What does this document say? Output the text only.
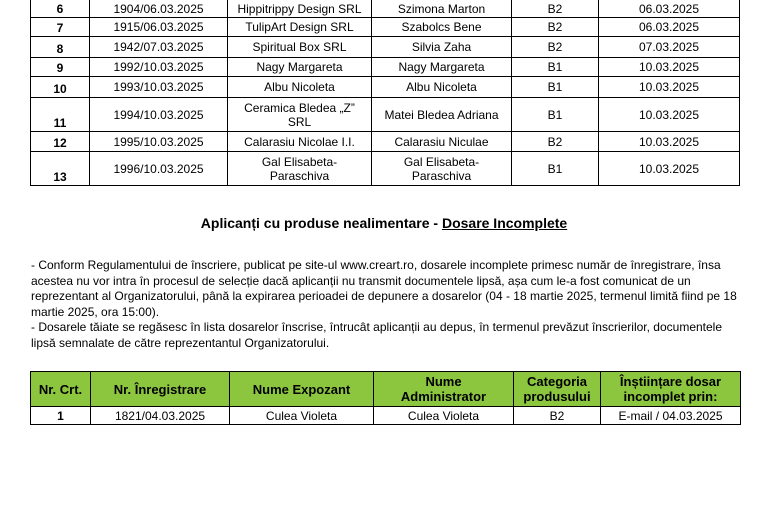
6	1904/06.03.2025	Hippitrippy Design SRL	Szimona Marton	B2	06.03.2025
7	1915/06.03.2025	TulipArt Design SRL	Szabolcs Bene	B2	06.03.2025
8	1942/07.03.2025	Spiritual Box SRL	Silvia Zaha	B2	07.03.2025
9	1992/10.03.2025	Nagy Margareta	Nagy Margareta	B1	10.03.2025
10	1993/10.03.2025	Albu Nicoleta	Albu Nicoleta	B1	10.03.2025
11	1994/10.03.2025	Ceramica Bledea „Z”
SRL	Matei Bledea Adriana	B1	10.03.2025
12	1995/10.03.2025	Calarasiu Nicolae I.I.	Calarasiu Niculae	B2	10.03.2025
13	1996/10.03.2025	Gal Elisabeta-
Paraschiva	Gal Elisabeta-
Paraschiva	B1	10.03.2025
Aplicanți cu produse nealimentare - Dosare Incomplete

- Conform Regulamentului de înscriere, publicat pe site-ul www.creart.ro, dosarele incomplete primesc număr de înregistrare, însa acestea nu vor intra în procesul de selecție dacă aplicanții nu transmit documentele lipsă, așa cum le-a fost comunicat de un reprezentant al Organizatorului, până la expirarea perioadei de depunere a dosarelor (04 - 18 martie 2025, termenul limită fiind pe 18 martie 2025, ora 15:00).

- Dosarele tăiate se regăsesc în lista dosarelor înscrise, întrucât aplicanții au depus, în termenul prevăzut înscrierilor, documentele lipsă semnalate de către reprezentantul Organizatorului.

Nr. Crt.	Nr. Înregistrare	Nume Expozant	Nume
Administrator	Categoria
produsului	Înștiințare dosar
incomplet prin:
1	1821/04.03.2025	Culea Violeta	Culea Violeta	B2	E-mail / 04.03.2025
